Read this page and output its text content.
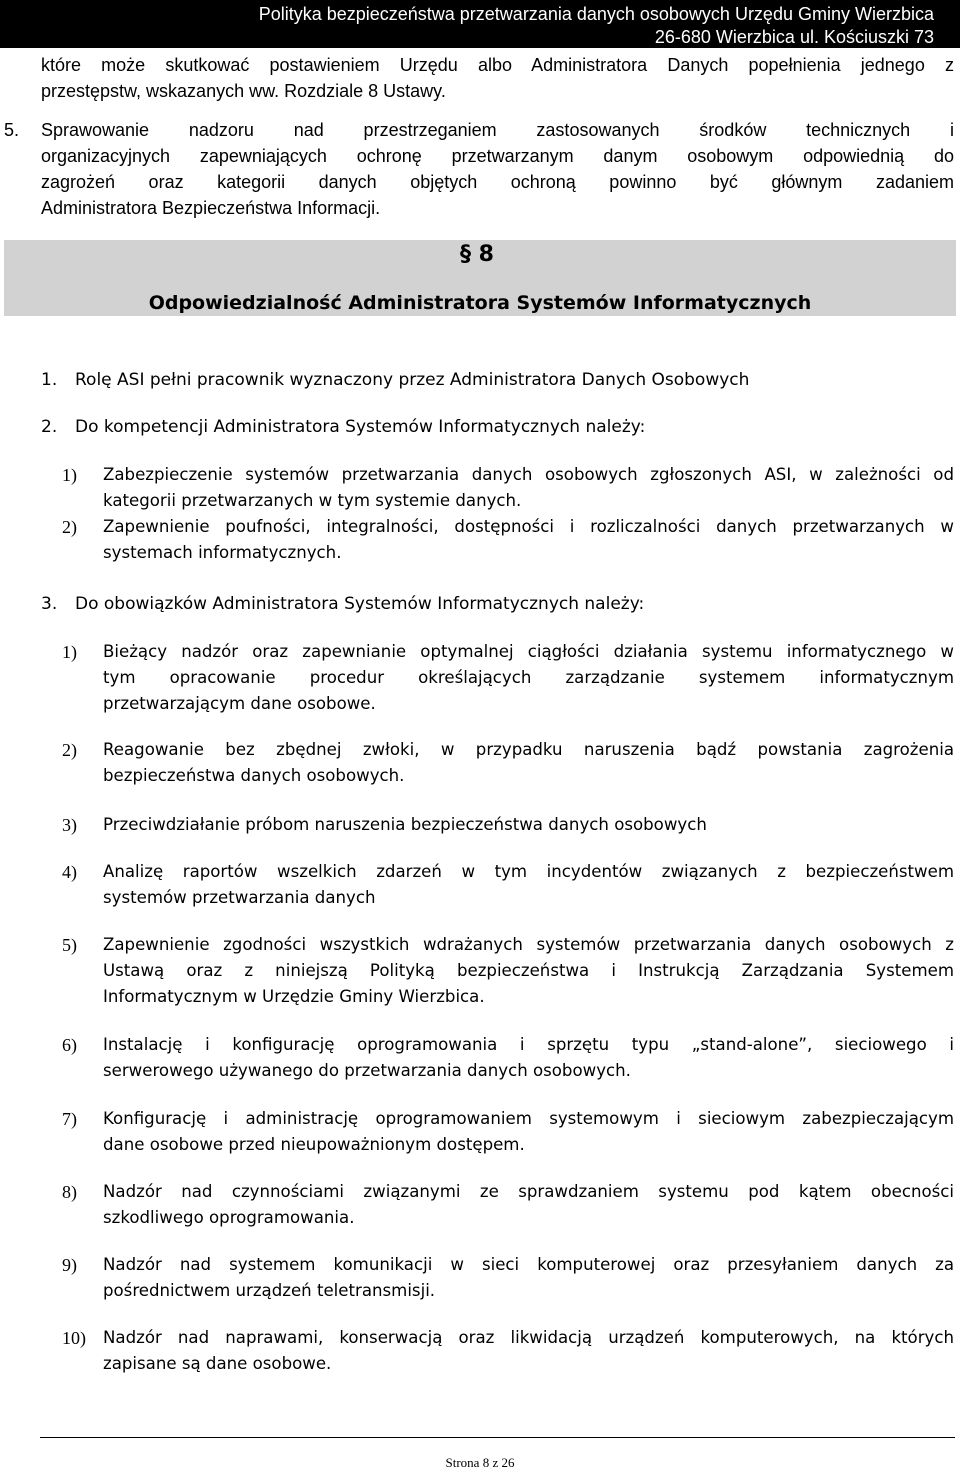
Polityka bezpieczeństwa przetwarzania danych osobowych Urzędu Gminy Wierzbica
26-680 Wierzbica ul. Kościuszki 73
które może skutkować postawieniem Urzędu albo Administratora Danych popełnienia jednego z
przestępstw, wskazanych ww. Rozdziale 8 Ustawy.
5. Sprawowanie nadzoru nad przestrzeganiem zastosowanych środków technicznych i
organizacyjnych zapewniających ochronę przetwarzanym danym osobowym odpowiednią do
zagrożeń oraz kategorii danych objętych ochroną powinno być głównym zadaniem
Administratora Bezpieczeństwa Informacji.
§ 8
Odpowiedzialność Administratora Systemów Informatycznych
1. Rolę ASI pełni pracownik wyznaczony przez Administratora Danych Osobowych
2. Do kompetencji Administratora Systemów Informatycznych należy:
1) Zabezpieczenie systemów przetwarzania danych osobowych zgłoszonych ASI, w zależności od
kategorii przetwarzanych w tym systemie danych.
2) Zapewnienie poufności, integralności, dostępności i rozliczalności danych przetwarzanych w
systemach informatycznych.
3. Do obowiązków Administratora Systemów Informatycznych należy:
1) Bieżący nadzór oraz zapewnianie optymalnej ciągłości działania systemu informatycznego w
tym opracowanie procedur określających zarządzanie systemem informatycznym
przetwarzającym dane osobowe.
2) Reagowanie bez zbędnej zwłoki, w przypadku naruszenia bądź powstania zagrożenia
bezpieczeństwa danych osobowych.
3) Przeciwdziałanie próbom naruszenia bezpieczeństwa danych osobowych
4) Analizę raportów wszelkich zdarzeń w tym incydentów związanych z bezpieczeństwem
systemów przetwarzania danych
5) Zapewnienie zgodności wszystkich wdrażanych systemów przetwarzania danych osobowych z
Ustawą oraz z niniejszą Polityką bezpieczeństwa i Instrukcją Zarządzania Systemem
Informatycznym w Urzędzie Gminy Wierzbica.
6) Instalację i konfigurację oprogramowania i sprzętu typu „stand-alone”, sieciowego i
serwerowego używanego do przetwarzania danych osobowych.
7) Konfigurację i administrację oprogramowaniem systemowym i sieciowym zabezpieczającym
dane osobowe przed nieupoważnionym dostępem.
8) Nadzór nad czynnościami związanymi ze sprawdzaniem systemu pod kątem obecności
szkodliwego oprogramowania.
9) Nadzór nad systemem komunikacji w sieci komputerowej oraz przesyłaniem danych za
pośrednictwem urządzeń teletransmisji.
10) Nadzór nad naprawami, konserwacją oraz likwidacją urządzeń komputerowych, na których
zapisane są dane osobowe.
Strona 8 z 26
